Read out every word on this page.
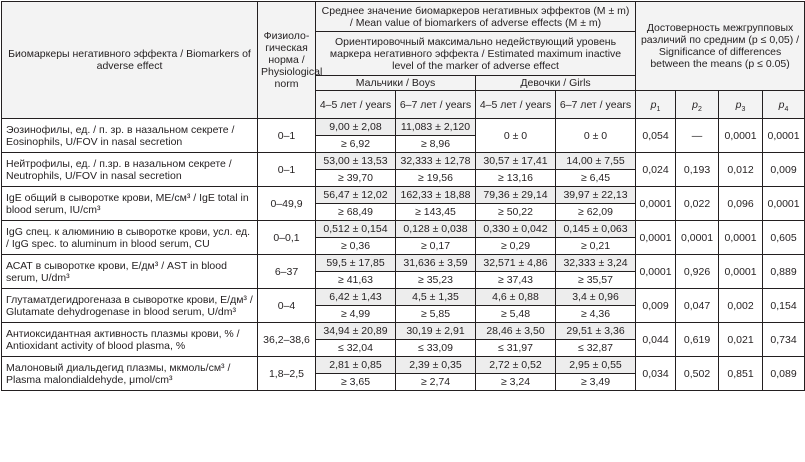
Биомаркеры негативного эффекта / Biomarkers of adverse effect	Физиоло-гическая норма / Physiological norm	Среднее значение биомаркеров негативных эффектов (M ± m) / Mean value of biomarkers of adverse effects (M ± m)				Достоверность межгрупповых различий по средним (p ≤ 0,05) / Significance of differences between the means (p ≤ 0.05)			
		Ориентировочный максимально недействующий уровень маркера негативного эффекта / Estimated maximum inactive level of the marker of adverse effect							
		Мальчики / Boys		Девочки / Girls					
		4–5 лет / years	6–7 лет / years	4–5 лет / years	6–7 лет / years	$p_1$	$p_2$	$p_3$	$p_4$
Эозинофилы, ед. / п. зр. в назальном секрете / Eosinophils, U/FOV in nasal secretion	0–1	9,00 ± 2,08	11,083 ± 2,120	0 ± 0	0 ± 0	0,054	—	0,0001	0,0001
		≥ 6,92	≥ 8,96						
Нейтрофилы, ед. / п.зр. в назальном секрете / Neutrophils, U/FOV in nasal secretion	0–1	53,00 ± 13,53	32,333 ± 12,78	30,57 ± 17,41	14,00 ± 7,55	0,024	0,193	0,012	0,009
		≥ 39,70	≥ 19,56	≥ 13,16	≥ 6,45				
IgE общий в сыворотке крови, МЕ/см³ / IgE total in blood serum, IU/cm³	0–49,9	56,47 ± 12,02	162,33 ± 18,88	79,36 ± 29,14	39,97 ± 22,13	0,0001	0,022	0,096	0,0001
		≥ 68,49	≥ 143,45	≥ 50,22	≥ 62,09				
IgG спец. к алюминию в сыворотке крови, усл. ед. / IgG spec. to aluminum in blood serum, CU	0–0,1	0,512 ± 0,154	0,128 ± 0,038	0,330 ± 0,042	0,145 ± 0,063	0,0001	0,0001	0,0001	0,605
		≥ 0,36	≥ 0,17	≥ 0,29	≥ 0,21				
АСАТ в сыворотке крови, Е/дм³ / AST in blood serum, U/dm³	6–37	59,5 ± 17,85	31,636 ± 3,59	32,571 ± 4,86	32,333 ± 3,24	0,0001	0,926	0,0001	0,889
		≥ 41,63	≥ 35,23	≥ 37,43	≥ 35,57				
Глутаматдегидрогеназа в сыворотке крови, Е/дм³ / Glutamate dehydrogenase in blood serum, U/dm³	0–4	6,42 ± 1,43	4,5 ± 1,35	4,6 ± 0,88	3,4 ± 0,96	0,009	0,047	0,002	0,154
		≥ 4,99	≥ 5,85	≥ 5,48	≥ 4,36				
Антиоксидантная активность плазмы крови, % / Antioxidant activity of blood plasma, %	36,2–38,6	34,94 ± 20,89	30,19 ± 2,91	28,46 ± 3,50	29,51 ± 3,36	0,044	0,619	0,021	0,734
		≤ 32,04	≤ 33,09	≤ 31,97	≤ 32,87				
Малоновый диальдегид плазмы, мкмоль/см³ / Plasma malondialdehyde, μmol/cm³	1,8–2,5	2,81 ± 0,85	2,39 ± 0,35	2,72 ± 0,52	2,95 ± 0,55	0,034	0,502	0,851	0,089
		≥ 3,65	≥ 2,74	≥ 3,24	≥ 3,49				
